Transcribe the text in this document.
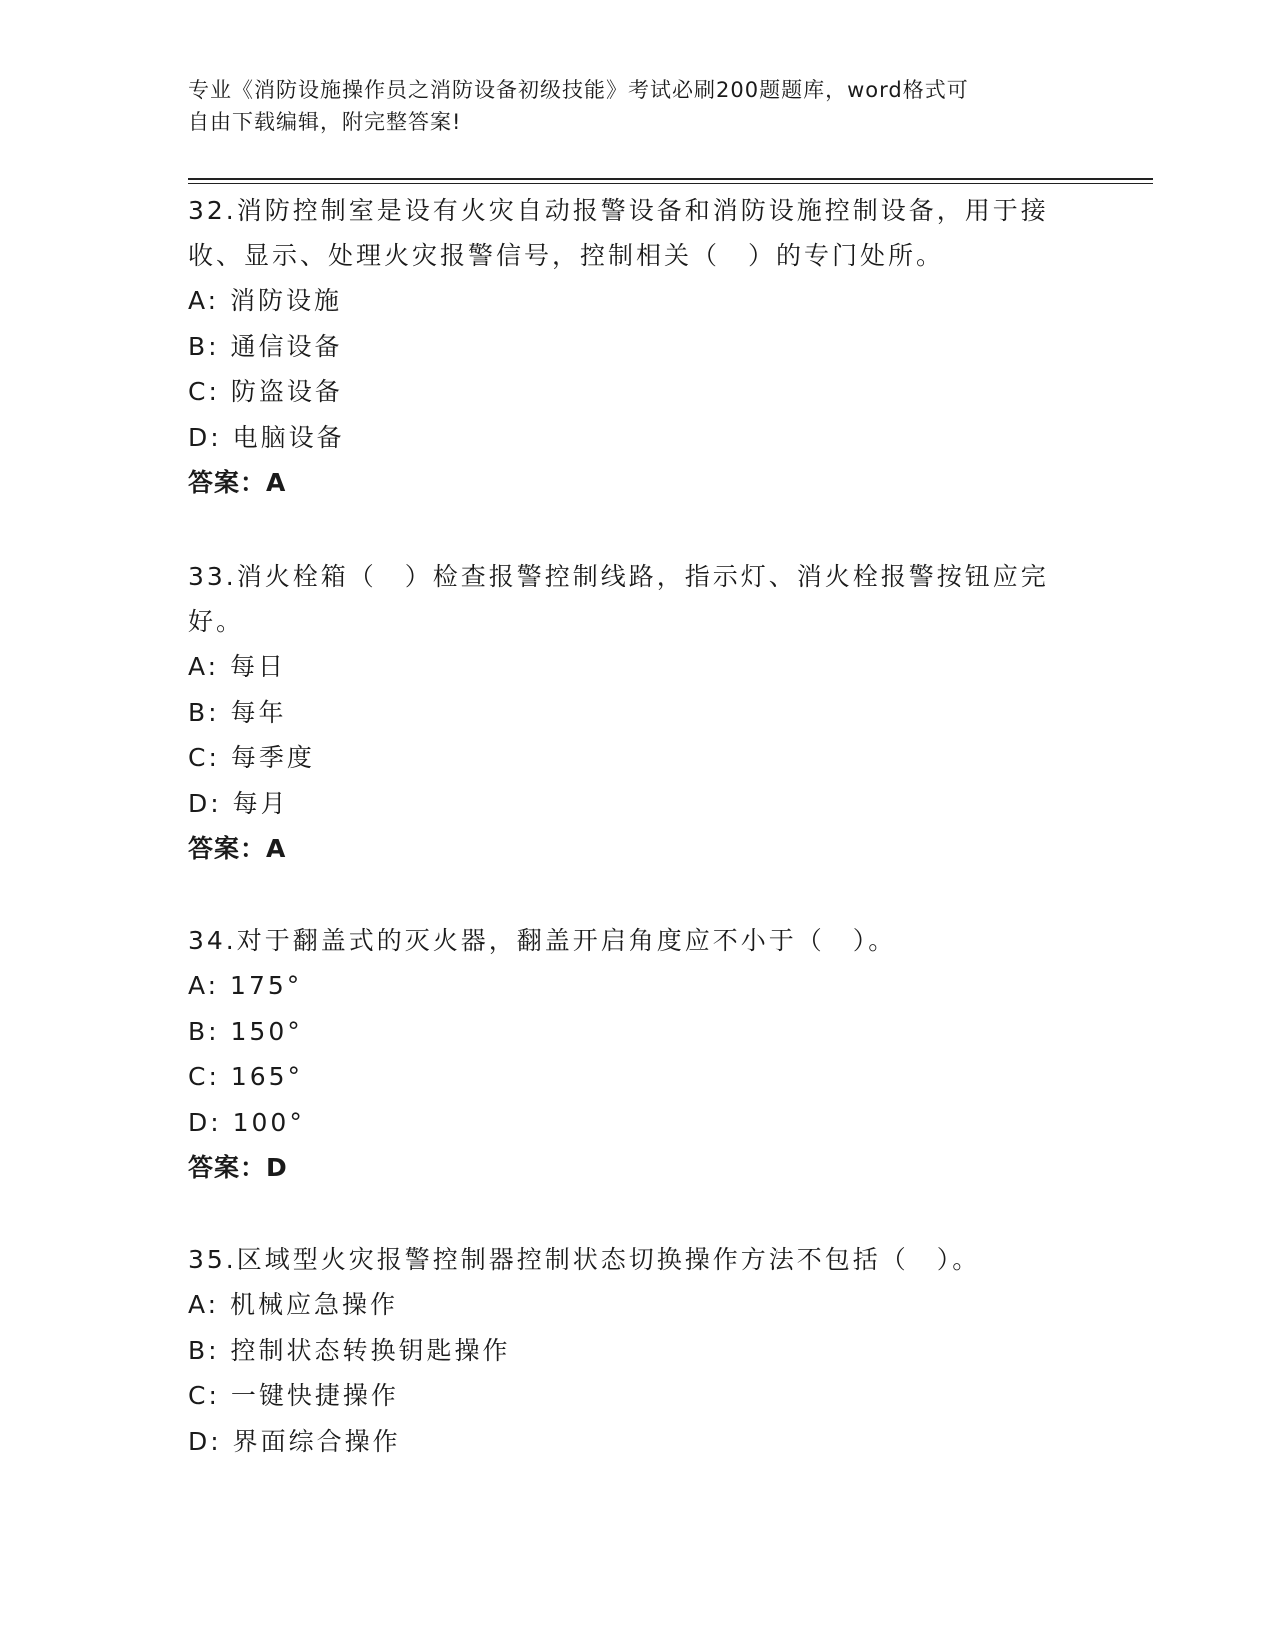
专业《消防设施操作员之消防设备初级技能》考试必刷200题题库，word格式可
自由下载编辑，附完整答案!
32.消防控制室是设有火灾自动报警设备和消防设施控制设备，用于接
收、显示、处理火灾报警信号，控制相关（　）的专门处所。
A: 消防设施
B: 通信设备
C: 防盗设备
D: 电脑设备
答案：A
33.消火栓箱（　）检查报警控制线路，指示灯、消火栓报警按钮应完
好。
A: 每日
B: 每年
C: 每季度
D: 每月
答案：A
34.对于翻盖式的灭火器，翻盖开启角度应不小于（　）。
A: 175°
B: 150°
C: 165°
D: 100°
答案：D
35.区域型火灾报警控制器控制状态切换操作方法不包括（　）。
A: 机械应急操作
B: 控制状态转换钥匙操作
C: 一键快捷操作
D: 界面综合操作
